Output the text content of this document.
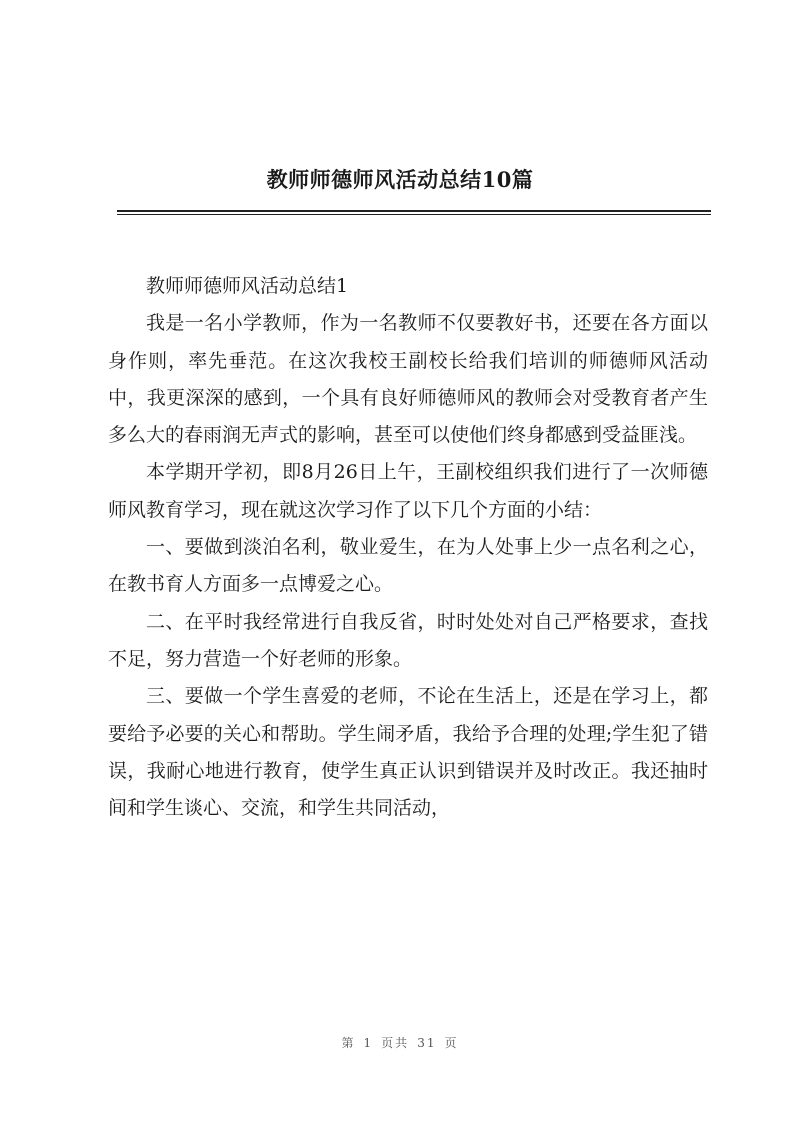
教师师德师风活动总结10篇

教师师德师风活动总结1

我是一名小学教师，作为一名教师不仅要教好书，还要在各方面以身作则，率先垂范。在这次我校王副校长给我们培训的师德师风活动中，我更深深的感到，一个具有良好师德师风的教师会对受教育者产生多么大的春雨润无声式的影响，甚至可以使他们终身都感到受益匪浅。

本学期开学初，即8月26日上午，王副校组织我们进行了一次师德师风教育学习，现在就这次学习作了以下几个方面的小结：

一、要做到淡泊名利，敬业爱生，在为人处事上少一点名利之心，在教书育人方面多一点博爱之心。

二、在平时我经常进行自我反省，时时处处对自己严格要求，查找不足，努力营造一个好老师的形象。

三、要做一个学生喜爱的老师，不论在生活上，还是在学习上，都要给予必要的关心和帮助。学生闹矛盾，我给予合理的处理;学生犯了错误，我耐心地进行教育，使学生真正认识到错误并及时改正。我还抽时间和学生谈心、交流，和学生共同活动，

第 1 页共 31 页
